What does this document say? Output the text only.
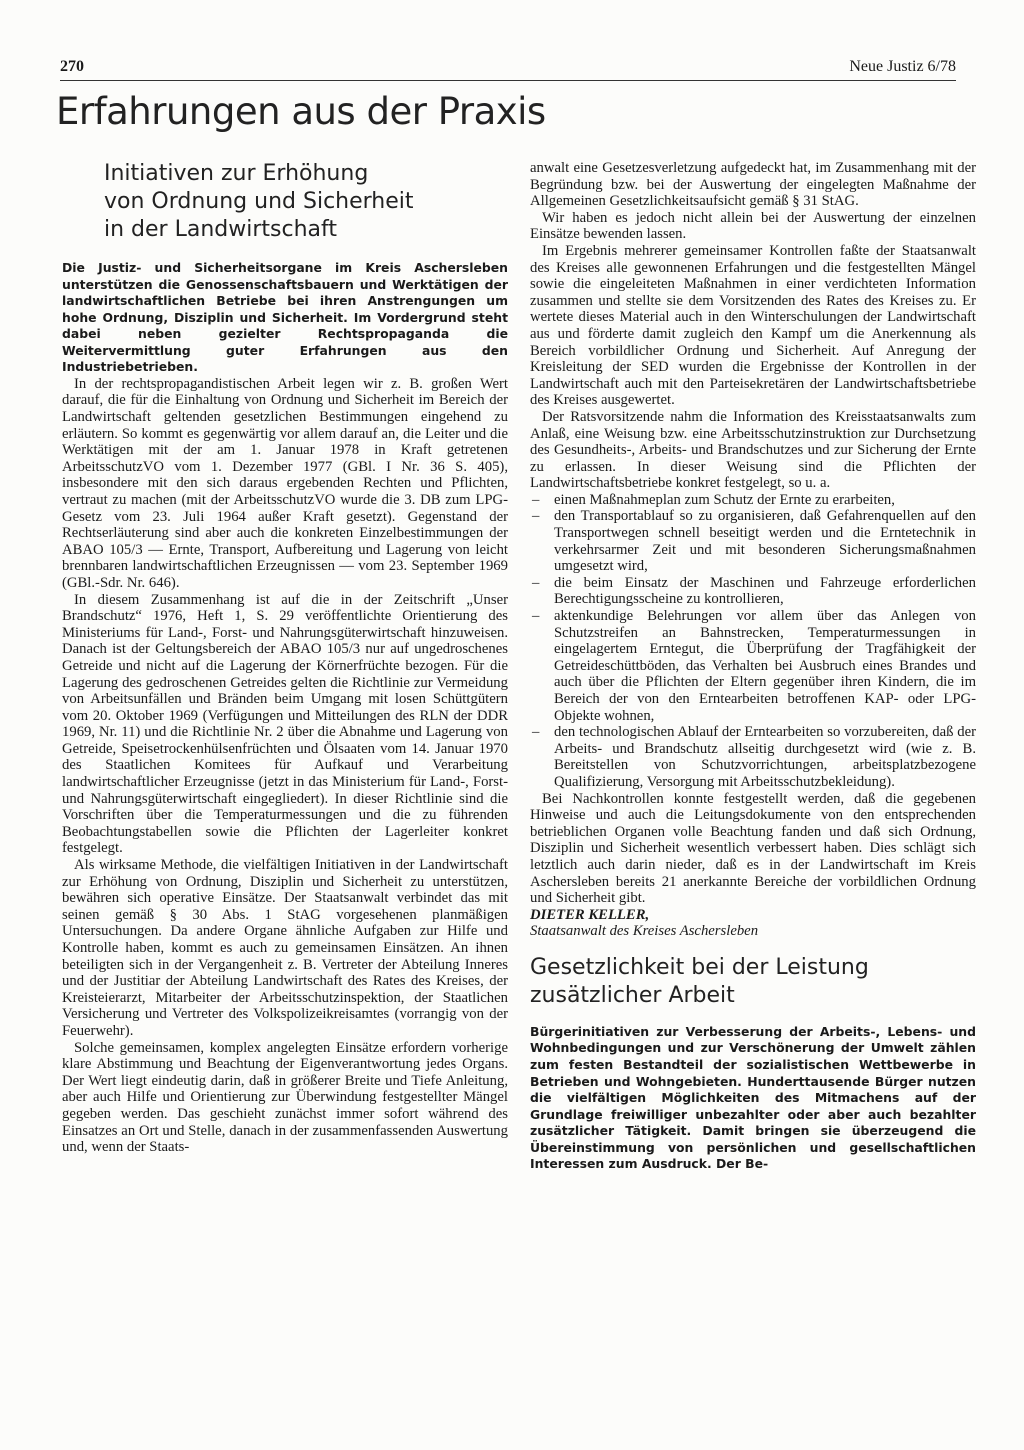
270	Neue Justiz 6/78
Erfahrungen aus der Praxis
Initiativen zur Erhöhung
von Ordnung und Sicherheit
in der Landwirtschaft

Die Justiz- und Sicherheitsorgane im Kreis Aschersleben unterstützen die Genossenschaftsbauern und Werktätigen der landwirtschaftlichen Betriebe bei ihren Anstrengungen um hohe Ordnung, Disziplin und Sicherheit. Im Vordergrund steht dabei neben gezielter Rechtspropaganda die Weitervermittlung guter Erfahrungen aus den Industriebetrieben.

In der rechtspropagandistischen Arbeit legen wir z. B. großen Wert darauf, die für die Einhaltung von Ordnung und Sicherheit im Bereich der Landwirtschaft geltenden gesetzlichen Bestimmungen eingehend zu erläutern. So kommt es gegenwärtig vor allem darauf an, die Leiter und die Werktätigen mit der am 1. Januar 1978 in Kraft getretenen ArbeitsschutzVO vom 1. Dezember 1977 (GBl. I Nr. 36 S. 405), insbesondere mit den sich daraus ergebenden Rechten und Pflichten, vertraut zu machen (mit der ArbeitsschutzVO wurde die 3. DB zum LPG-Gesetz vom 23. Juli 1964 außer Kraft gesetzt). Gegenstand der Rechtserläuterung sind aber auch die konkreten Einzelbestimmungen der ABAO 105/3 — Ernte, Transport, Aufbereitung und Lagerung von leicht brennbaren landwirtschaftlichen Erzeugnissen — vom 23. September 1969 (GBl.-Sdr. Nr. 646).

In diesem Zusammenhang ist auf die in der Zeitschrift „Unser Brandschutz“ 1976, Heft 1, S. 29 veröffentlichte Orientierung des Ministeriums für Land-, Forst- und Nahrungsgüterwirtschaft hinzuweisen. Danach ist der Geltungsbereich der ABAO 105/3 nur auf ungedroschenes Getreide und nicht auf die Lagerung der Körnerfrüchte bezogen. Für die Lagerung des gedroschenen Getreides gelten die Richtlinie zur Vermeidung von Arbeitsunfällen und Bränden beim Umgang mit losen Schüttgütern vom 20. Oktober 1969 (Verfügungen und Mitteilungen des RLN der DDR 1969, Nr. 11) und die Richtlinie Nr. 2 über die Abnahme und Lagerung von Getreide, Speisetrockenhülsenfrüchten und Ölsaaten vom 14. Januar 1970 des Staatlichen Komitees für Aufkauf und Verarbeitung landwirtschaftlicher Erzeugnisse (jetzt in das Ministerium für Land-, Forst- und Nahrungsgüterwirtschaft eingegliedert). In dieser Richtlinie sind die Vorschriften über die Temperaturmessungen und die zu führenden Beobachtungstabellen sowie die Pflichten der Lagerleiter konkret festgelegt.

Als wirksame Methode, die vielfältigen Initiativen in der Landwirtschaft zur Erhöhung von Ordnung, Disziplin und Sicherheit zu unterstützen, bewähren sich operative Einsätze. Der Staatsanwalt verbindet das mit seinen gemäß § 30 Abs. 1 StAG vorgesehenen planmäßigen Untersuchungen. Da andere Organe ähnliche Aufgaben zur Hilfe und Kontrolle haben, kommt es auch zu gemeinsamen Einsätzen. An ihnen beteiligten sich in der Vergangenheit z. B. Vertreter der Abteilung Inneres und der Justitiar der Abteilung Landwirtschaft des Rates des Kreises, der Kreisteierarzt, Mitarbeiter der Arbeitsschutzinspektion, der Staatlichen Versicherung und Vertreter des Volkspolizeikreisamtes (vorrangig von der Feuerwehr).

Solche gemeinsamen, komplex angelegten Einsätze erfordern vorherige klare Abstimmung und Beachtung der Eigenverantwortung jedes Organs. Der Wert liegt eindeutig darin, daß in größerer Breite und Tiefe Anleitung, aber auch Hilfe und Orientierung zur Überwindung festgestellter Mängel gegeben werden. Das geschieht zunächst immer sofort während des Einsatzes an Ort und Stelle, danach in der zusammenfassenden Auswertung und, wenn der Staats-

anwalt eine Gesetzesverletzung aufgedeckt hat, im Zusammenhang mit der Begründung bzw. bei der Auswertung der eingelegten Maßnahme der Allgemeinen Gesetzlichkeitsaufsicht gemäß § 31 StAG.

Wir haben es jedoch nicht allein bei der Auswertung der einzelnen Einsätze bewenden lassen.

Im Ergebnis mehrerer gemeinsamer Kontrollen faßte der Staatsanwalt des Kreises alle gewonnenen Erfahrungen und die festgestellten Mängel sowie die eingeleiteten Maßnahmen in einer verdichteten Information zusammen und stellte sie dem Vorsitzenden des Rates des Kreises zu. Er wertete dieses Material auch in den Winterschulungen der Landwirtschaft aus und förderte damit zugleich den Kampf um die Anerkennung als Bereich vorbildlicher Ordnung und Sicherheit. Auf Anregung der Kreisleitung der SED wurden die Ergebnisse der Kontrollen in der Landwirtschaft auch mit den Parteisekretären der Landwirtschaftsbetriebe des Kreises ausgewertet.

Der Ratsvorsitzende nahm die Information des Kreisstaatsanwalts zum Anlaß, eine Weisung bzw. eine Arbeitsschutzinstruktion zur Durchsetzung des Gesundheits-, Arbeits- und Brandschutzes und zur Sicherung der Ernte zu erlassen. In dieser Weisung sind die Pflichten der Landwirtschaftsbetriebe konkret festgelegt, so u. a.

– einen Maßnahmeplan zum Schutz der Ernte zu erarbeiten,
– den Transportablauf so zu organisieren, daß Gefahrenquellen auf den Transportwegen schnell beseitigt werden und die Erntetechnik in verkehrsarmer Zeit und mit besonderen Sicherungsmaßnahmen umgesetzt wird,
– die beim Einsatz der Maschinen und Fahrzeuge erforderlichen Berechtigungsscheine zu kontrollieren,
– aktenkundige Belehrungen vor allem über das Anlegen von Schutzstreifen an Bahnstrecken, Temperaturmessungen in eingelagertem Erntegut, die Überprüfung der Tragfähigkeit der Getreideschüttböden, das Verhalten bei Ausbruch eines Brandes und auch über die Pflichten der Eltern gegenüber ihren Kindern, die im Bereich der von den Erntearbeiten betroffenen KAP- oder LPG-Objekte wohnen,
– den technologischen Ablauf der Erntearbeiten so vorzubereiten, daß der Arbeits- und Brandschutz allseitig durchgesetzt wird (wie z. B. Bereitstellen von Schutzvorrichtungen, arbeitsplatzbezogene Qualifizierung, Versorgung mit Arbeitsschutzbekleidung).

Bei Nachkontrollen konnte festgestellt werden, daß die gegebenen Hinweise und auch die Leitungsdokumente von den entsprechenden betrieblichen Organen volle Beachtung fanden und daß sich Ordnung, Disziplin und Sicherheit wesentlich verbessert haben. Dies schlägt sich letztlich auch darin nieder, daß es in der Landwirtschaft im Kreis Aschersleben bereits 21 anerkannte Bereiche der vorbildlichen Ordnung und Sicherheit gibt.

DIETER KELLER,

Staatsanwalt des Kreises Aschersleben

Gesetzlichkeit bei der Leistung
zusätzlicher Arbeit

Bürgerinitiativen zur Verbesserung der Arbeits-, Lebens- und Wohnbedingungen und zur Verschönerung der Umwelt zählen zum festen Bestandteil der sozialistischen Wettbewerbe in Betrieben und Wohngebieten. Hunderttausende Bürger nutzen die vielfältigen Möglichkeiten des Mitmachens auf der Grundlage freiwilliger unbezahlter oder aber auch bezahlter zusätzlicher Tätigkeit. Damit bringen sie überzeugend die Übereinstimmung von persönlichen und gesellschaftlichen Interessen zum Ausdruck. Der Be-
